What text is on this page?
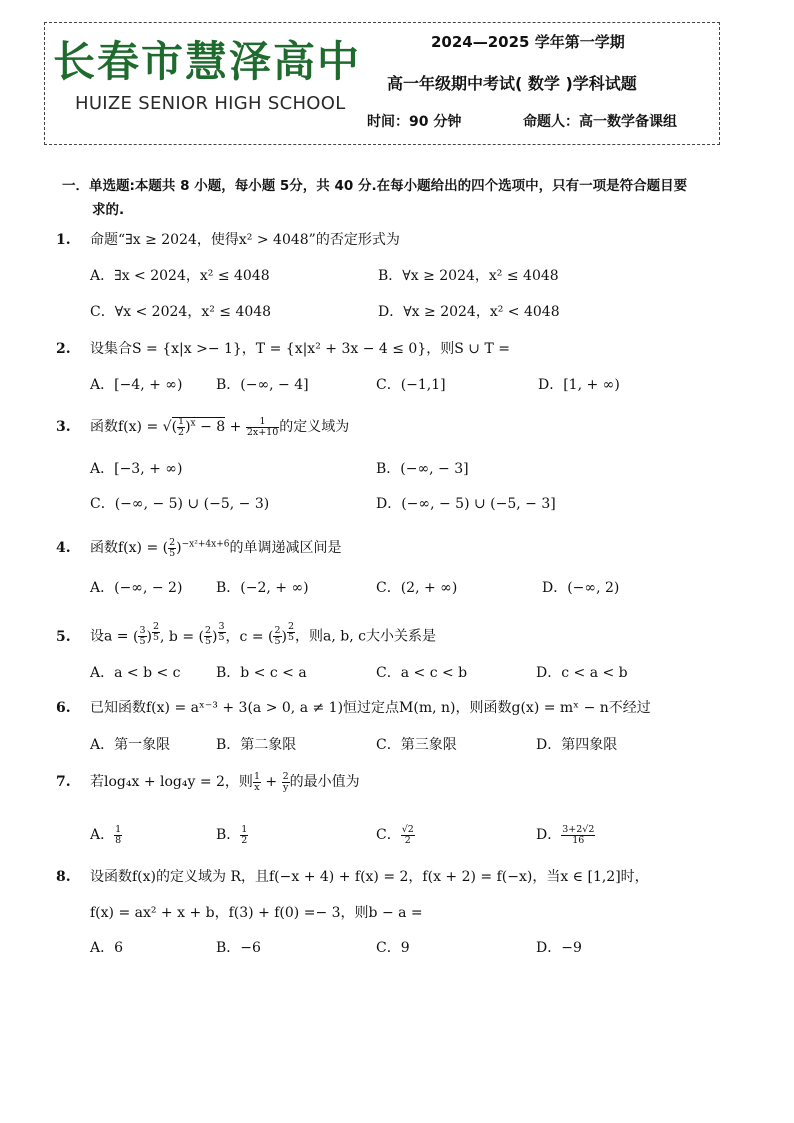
长春市慧泽高中
HUIZE SENIOR HIGH SCHOOL
2024—2025 学年第一学期
高一年级期中考试( 数学 )学科试题
时间：90 分钟	命题人：高一数学备课组
一．单选题:本题共 8 小题，每小题 5分，共 40 分.在每小题给出的四个选项中，只有一项是符合题目要
求的.
1. 命题“∃x ≥ 2024，使得x² > 4048”的否定形式为
A．∃x < 2024，x² ≤ 4048	B．∀x ≥ 2024，x² ≤ 4048
C．∀x < 2024，x² ≤ 4048	D．∀x ≥ 2024，x² < 4048
2. 设集合S = {x|x >− 1}，T = {x|x² + 3x − 4 ≤ 0}，则S ∪ T =
A．[−4, + ∞) B．(−∞, − 4]	C．(−1,1]	D．[1, + ∞)
3. 函数f(x) = √( $\frac{1}{2} )^x - 8 + \frac{1}{2x+10}$ 的定义域为
A．[−3, + ∞)	B．(−∞, − 3]
C．(−∞, − 5) ∪ (−5, − 3)	D．(−∞, − 5) ∪ (−5, − 3]
4. 函数f(x) = ( $\frac{2}{5} )^{-x^2+4x+6}$的单调递减区间是
A．(−∞, − 2) B．(−2, + ∞)	C．(2, + ∞)	D．(−∞, 2)
5. 设a = ( $\frac{3}{5}$ ) $^{\frac{2}{5}}$ , b = ( $\frac{2}{5}$ ) $^{\frac{3}{5}}$ ，c = ( $\frac{2}{5}$ ) $^{\frac{2}{5}}$ ，则a, b, c大小关系是
A．a < b < c	B．b < c < a	C．a < c < b	D．c < a < b
6. 已知函数f(x) = aˣ⁻³ + 3(a > 0, a ≠ 1)恒过定点M(m, n)，则函数g(x) = mˣ − n不经过
A．第一象限	B．第二象限	C．第三象限	D．第四象限
7. 若log₄x + log₄y = 2，则 $\frac{1}{x} + \frac{2}{y}$ 的最小值为
A． $\frac{1}{8}$	B． $\frac{1}{2}$	C． $\frac{√2}{2}$	D． $\frac{3+2√2}{16}$
8. 设函数f(x)的定义域为 R，且f(−x + 4) + f(x) = 2，f(x + 2) = f(−x)，当x ∈ [1,2]时，
f(x) = ax² + x + b，f(3) + f(0) =− 3，则b − a =
A．6	B．−6	C．9	D．−9
